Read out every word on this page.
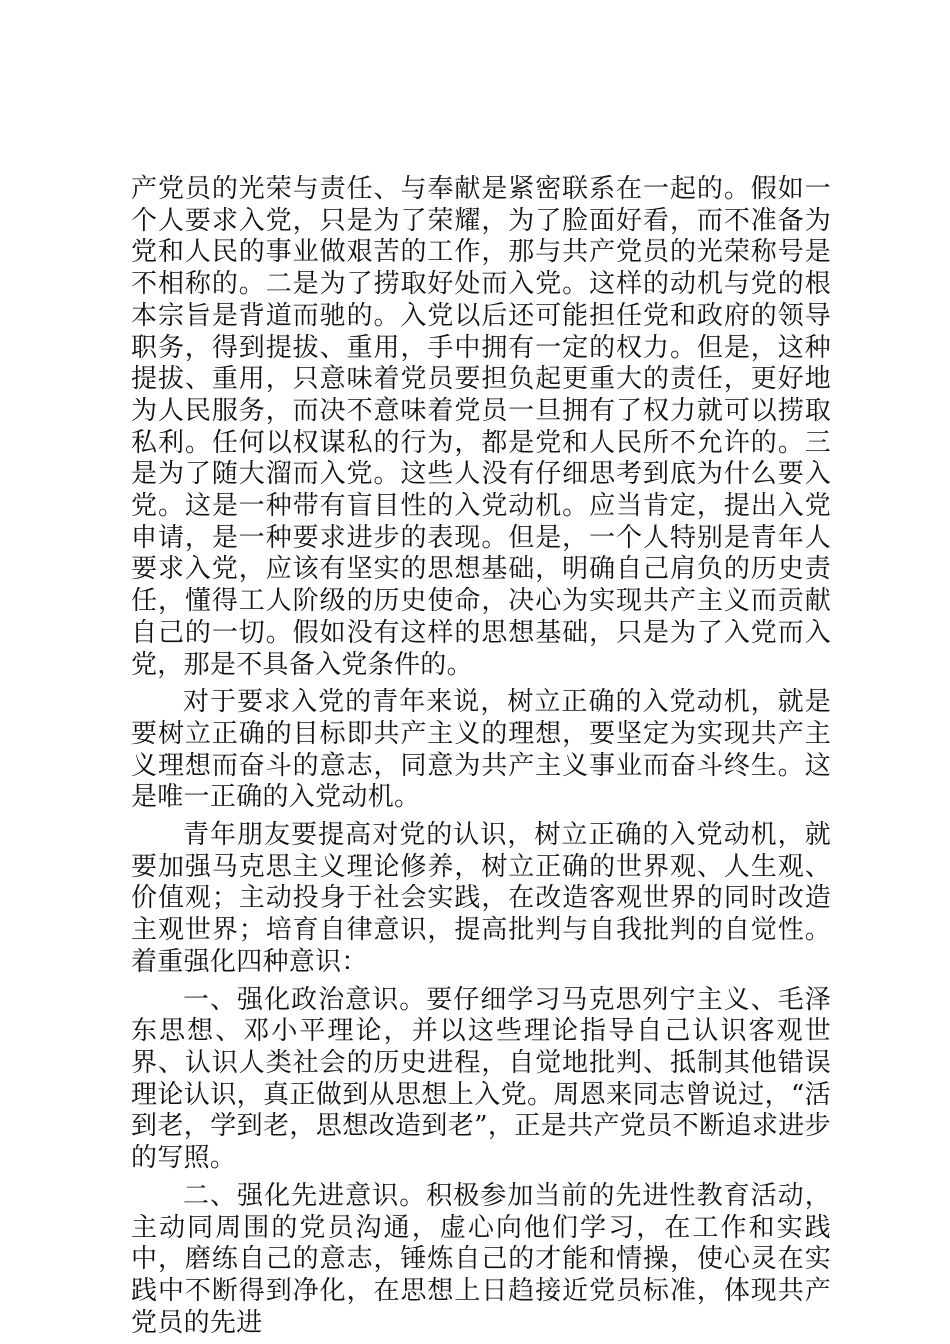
产党员的光荣与责任、与奉献是紧密联系在一起的。假如一个人要求入党，只是为了荣耀，为了脸面好看，而不准备为党和人民的事业做艰苦的工作，那与共产党员的光荣称号是不相称的。二是为了捞取好处而入党。这样的动机与党的根本宗旨是背道而驰的。入党以后还可能担任党和政府的领导职务，得到提拔、重用，手中拥有一定的权力。但是，这种提拔、重用，只意味着党员要担负起更重大的责任，更好地为人民服务，而决不意味着党员一旦拥有了权力就可以捞取私利。任何以权谋私的行为，都是党和人民所不允许的。三是为了随大溜而入党。这些人没有仔细思考到底为什么要入党。这是一种带有盲目性的入党动机。应当肯定，提出入党申请，是一种要求进步的表现。但是，一个人特别是青年人要求入党，应该有坚实的思想基础，明确自己肩负的历史责任，懂得工人阶级的历史使命，决心为实现共产主义而贡献自己的一切。假如没有这样的思想基础，只是为了入党而入党，那是不具备入党条件的。

对于要求入党的青年来说，树立正确的入党动机，就是要树立正确的目标即共产主义的理想，要坚定为实现共产主义理想而奋斗的意志，同意为共产主义事业而奋斗终生。这是唯一正确的入党动机。

青年朋友要提高对党的认识，树立正确的入党动机，就要加强马克思主义理论修养，树立正确的世界观、人生观、价值观；主动投身于社会实践，在改造客观世界的同时改造主观世界；培育自律意识，提高批判与自我批判的自觉性。着重强化四种意识：

一、强化政治意识。要仔细学习马克思列宁主义、毛泽东思想、邓小平理论，并以这些理论指导自己认识客观世界、认识人类社会的历史进程，自觉地批判、抵制其他错误理论认识，真正做到从思想上入党。周恩来同志曾说过，“活到老，学到老，思想改造到老”，正是共产党员不断追求进步的写照。

二、强化先进意识。积极参加当前的先进性教育活动，主动同周围的党员沟通，虚心向他们学习，在工作和实践中，磨练自己的意志，锤炼自己的才能和情操，使心灵在实践中不断得到净化，在思想上日趋接近党员标准，体现共产党员的先进
